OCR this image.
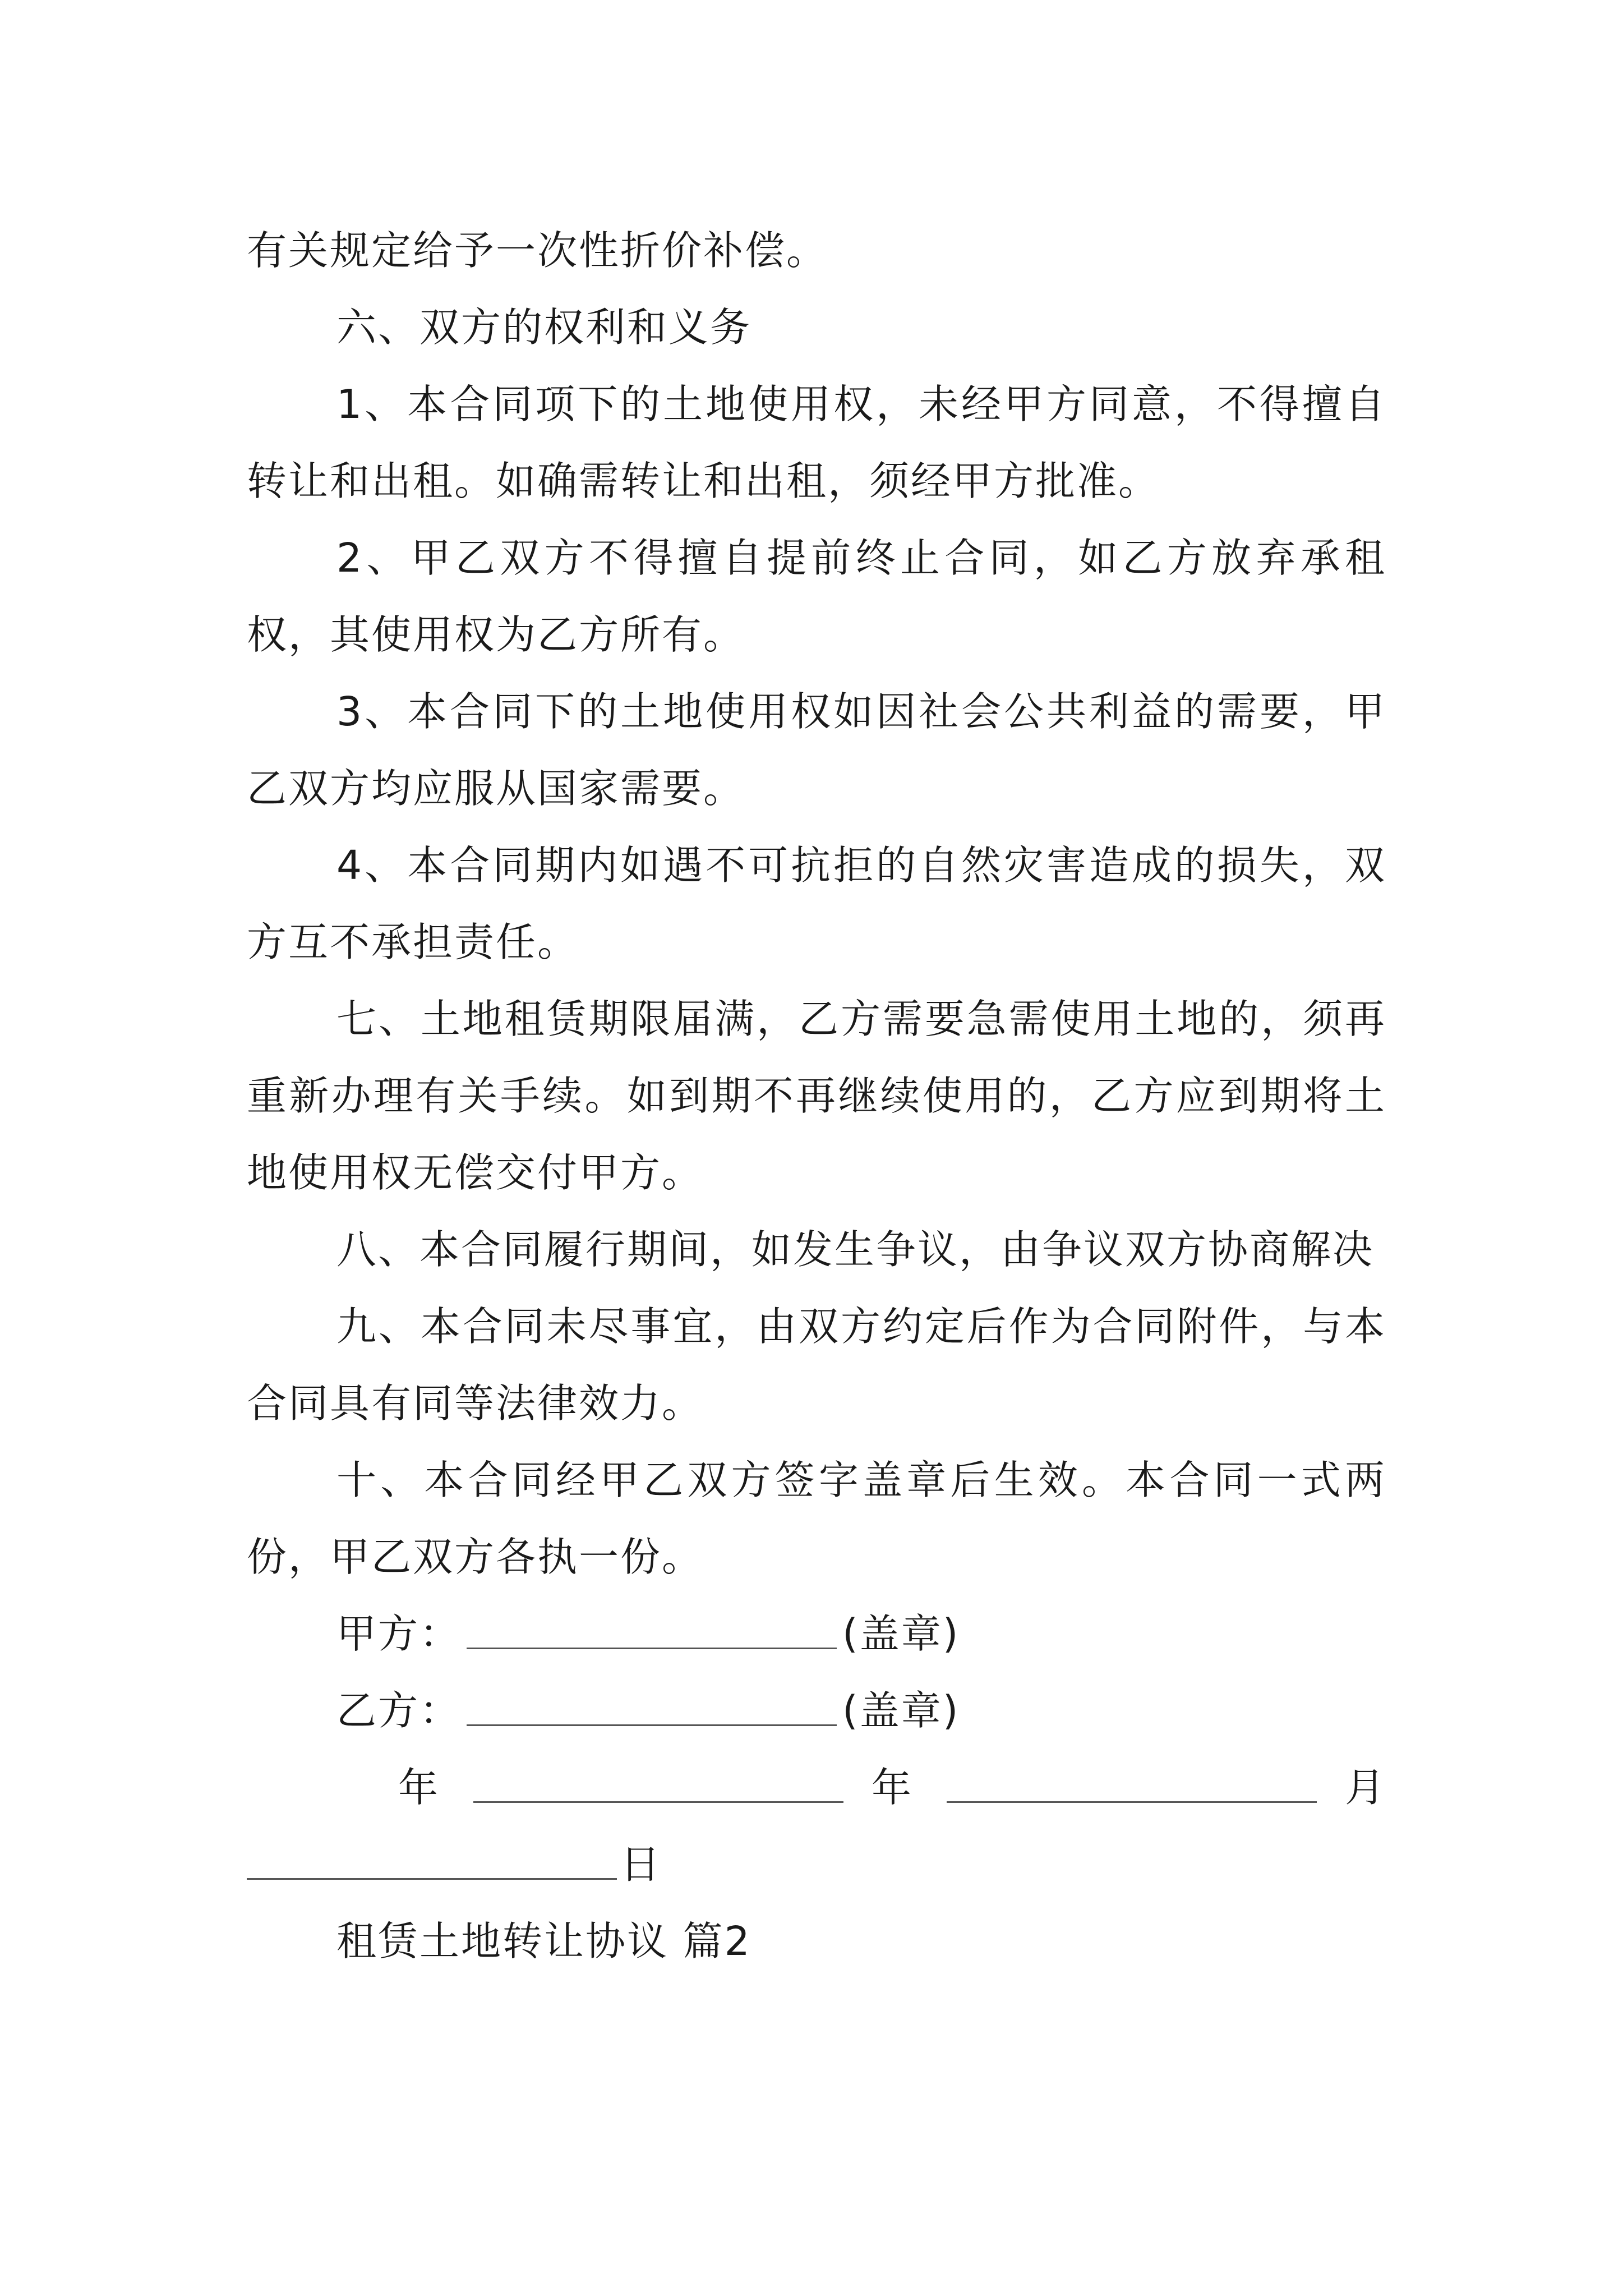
有关规定给予一次性折价补偿。

六、双方的权利和义务

1、本合同项下的土地使用权，未经甲方同意，不得擅自转让和出租。如确需转让和出租，须经甲方批准。

2、甲乙双方不得擅自提前终止合同，如乙方放弃承租权，其使用权为乙方所有。

3、本合同下的土地使用权如因社会公共利益的需要，甲乙双方均应服从国家需要。

4、本合同期内如遇不可抗拒的自然灾害造成的损失，双方互不承担责任。

七、土地租赁期限届满，乙方需要急需使用土地的，须再重新办理有关手续。如到期不再继续使用的，乙方应到期将土地使用权无偿交付甲方。

八、本合同履行期间，如发生争议，由争议双方协商解决

九、本合同未尽事宜，由双方约定后作为合同附件，与本合同具有同等法律效力。

十、本合同经甲乙双方签字盖章后生效。本合同一式两份，甲乙双方各执一份。

甲方：	(盖章)
乙方：	(盖章)
年	年	月
日

租赁土地转让协议 篇2
